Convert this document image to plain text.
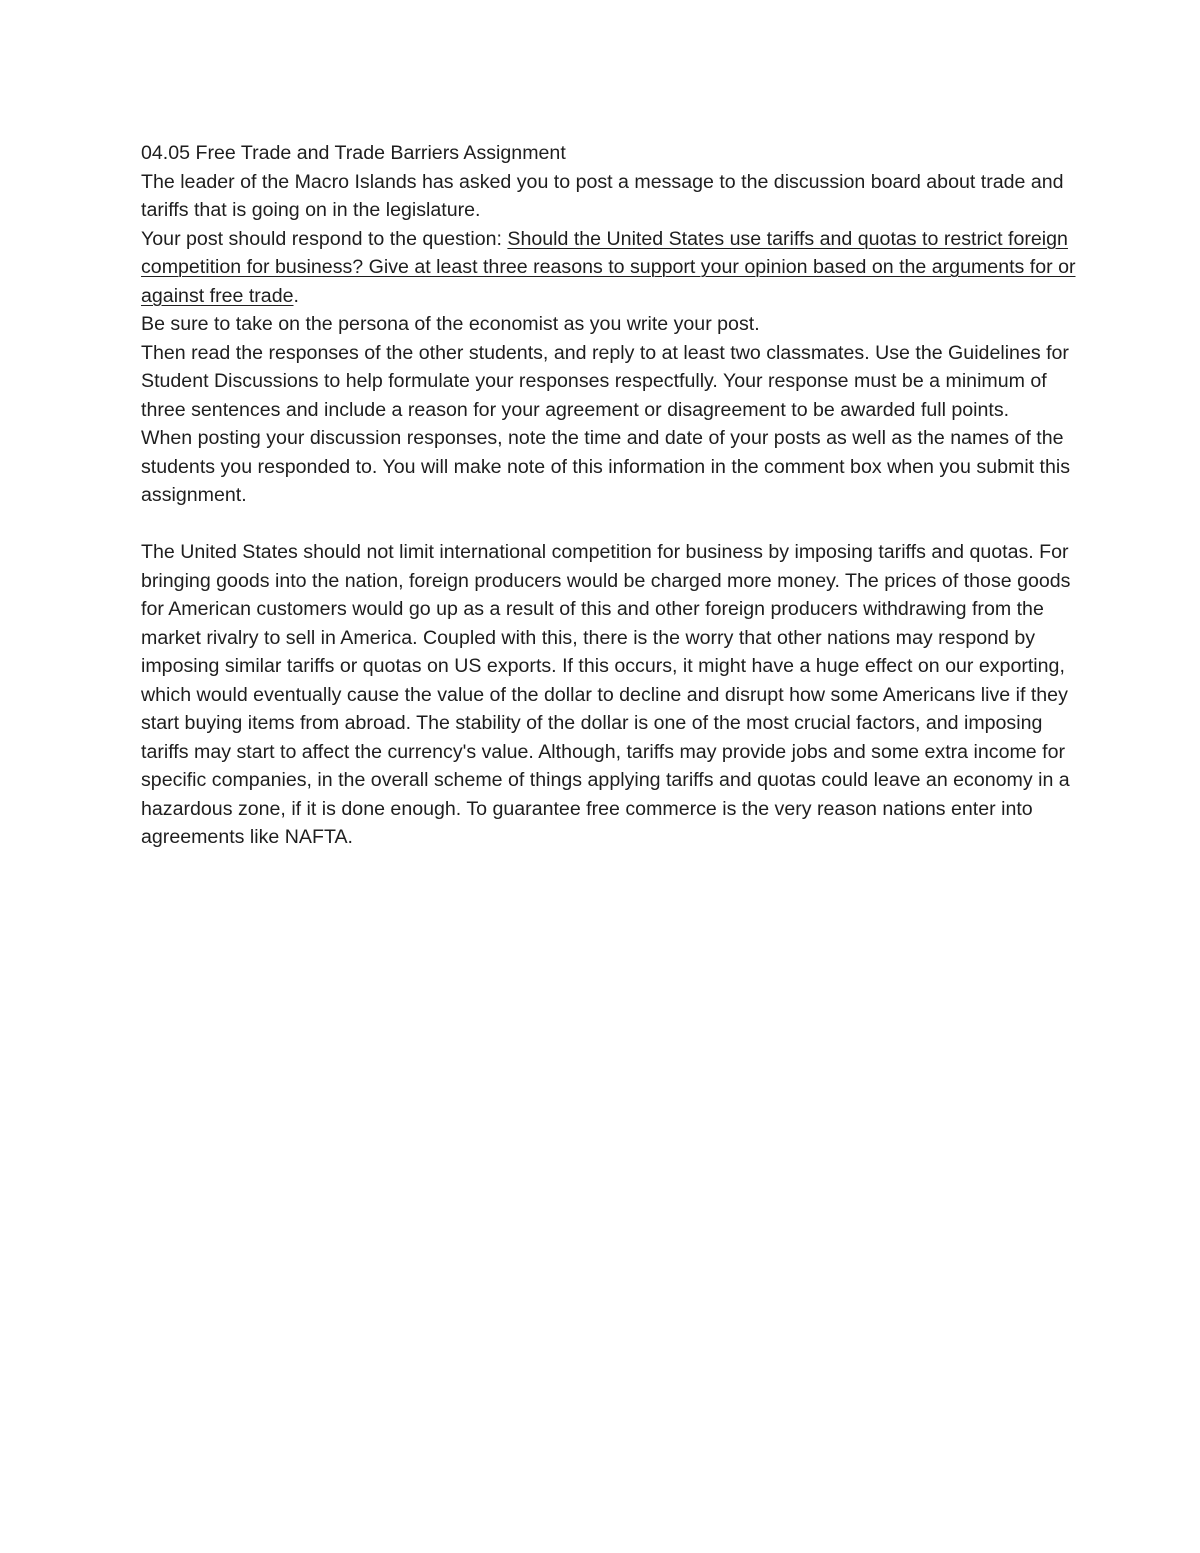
04.05 Free Trade and Trade Barriers Assignment

The leader of the Macro Islands has asked you to post a message to the discussion board about trade and tariffs that is going on in the legislature.

Your post should respond to the question: Should the United States use tariffs and quotas to restrict foreign competition for business? Give at least three reasons to support your opinion based on the arguments for or against free trade.

Be sure to take on the persona of the economist as you write your post.

Then read the responses of the other students, and reply to at least two classmates. Use the Guidelines for Student Discussions to help formulate your responses respectfully. Your response must be a minimum of three sentences and include a reason for your agreement or disagreement to be awarded full points.

When posting your discussion responses, note the time and date of your posts as well as the names of the students you responded to. You will make note of this information in the comment box when you submit this assignment.

The United States should not limit international competition for business by imposing tariffs and quotas. For bringing goods into the nation, foreign producers would be charged more money. The prices of those goods for American customers would go up as a result of this and other foreign producers withdrawing from the market rivalry to sell in America. Coupled with this, there is the worry that other nations may respond by imposing similar tariffs or quotas on US exports. If this occurs, it might have a huge effect on our exporting, which would eventually cause the value of the dollar to decline and disrupt how some Americans live if they start buying items from abroad. The stability of the dollar is one of the most crucial factors, and imposing tariffs may start to affect the currency's value. Although, tariffs may provide jobs and some extra income for specific companies, in the overall scheme of things applying tariffs and quotas could leave an economy in a hazardous zone, if it is done enough. To guarantee free commerce is the very reason nations enter into agreements like NAFTA.
